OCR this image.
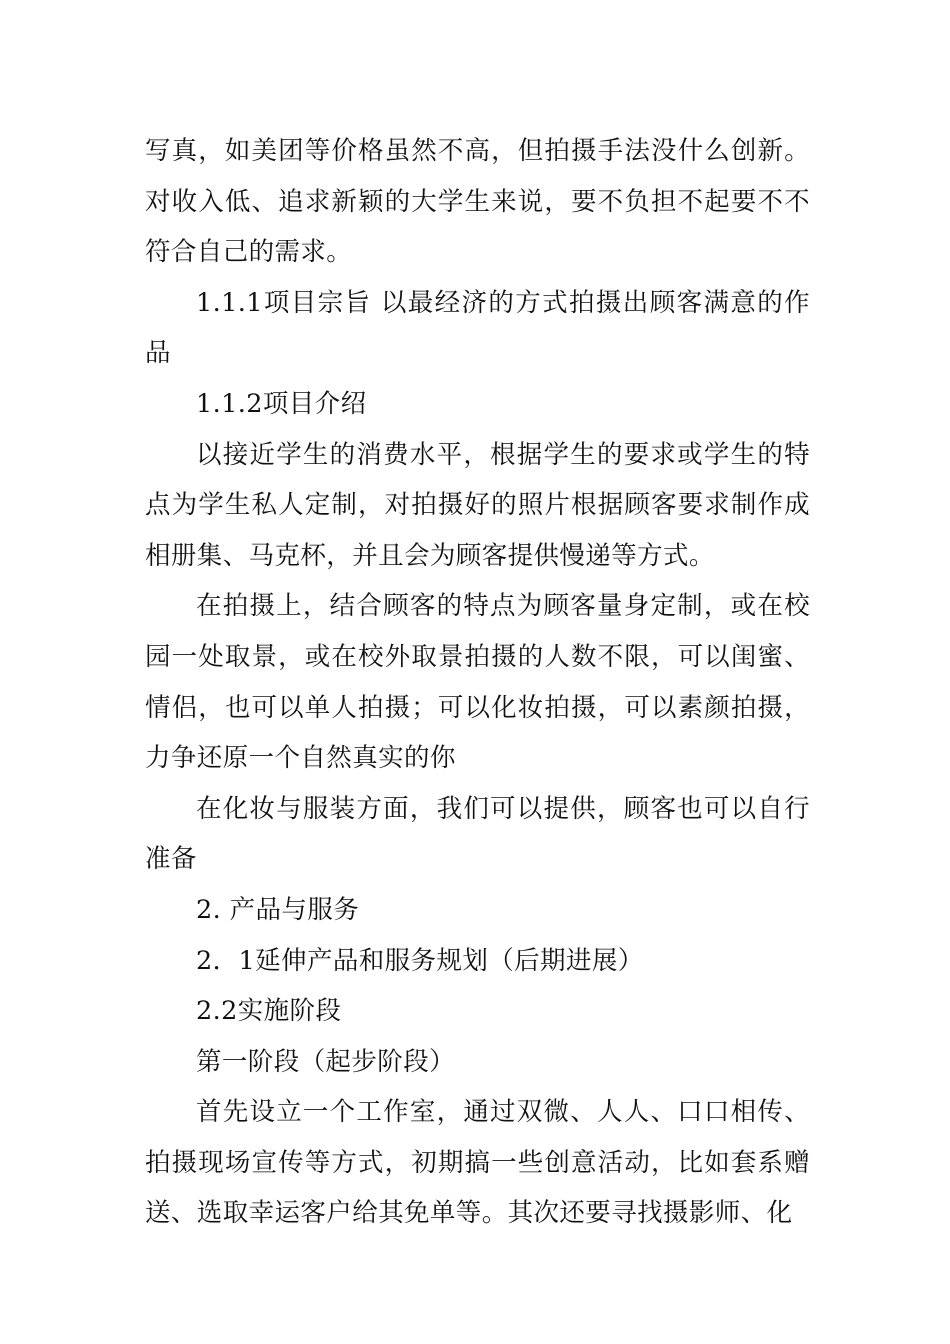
写真，如美团等价格虽然不高，但拍摄手法没什么创新。对收入低、追求新颖的大学生来说，要不负担不起要不不符合自己的需求。

1.1.1项目宗旨 以最经济的方式拍摄出顾客满意的作品

1.1.2项目介绍

以接近学生的消费水平，根据学生的要求或学生的特点为学生私人定制，对拍摄好的照片根据顾客要求制作成相册集、马克杯，并且会为顾客提供慢递等方式。

在拍摄上，结合顾客的特点为顾客量身定制，或在校园一处取景，或在校外取景拍摄的人数不限，可以闺蜜、情侣，也可以单人拍摄；可以化妆拍摄，可以素颜拍摄，力争还原一个自然真实的你

在化妆与服装方面，我们可以提供，顾客也可以自行准备

2. 产品与服务

2．1延伸产品和服务规划（后期进展）

2.2实施阶段

第一阶段（起步阶段）

首先设立一个工作室，通过双微、人人、口口相传、拍摄现场宣传等方式，初期搞一些创意活动，比如套系赠送、选取幸运客户给其免单等。其次还要寻找摄影师、化
